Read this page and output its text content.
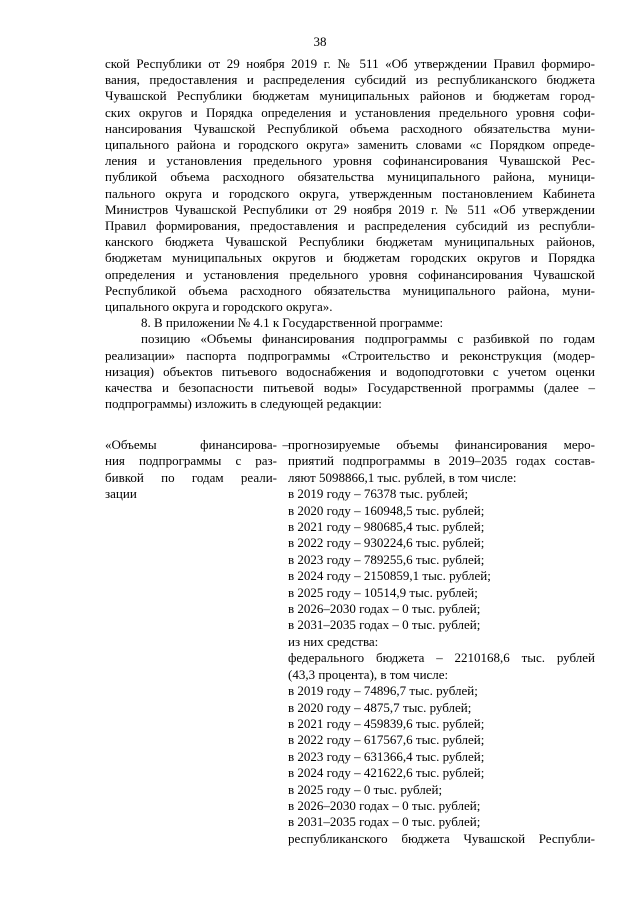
38
ской Республики от 29 ноября 2019 г. № 511 «Об утверждении Правил формиро-
вания, предоставления и распределения субсидий из республиканского бюджета
Чувашской Республики бюджетам муниципальных районов и бюджетам город-
ских округов и Порядка определения и установления предельного уровня софи-
нансирования Чувашской Республикой объема расходного обязательства муни-
ципального района и городского округа» заменить словами «с Порядком опреде-
ления и установления предельного уровня софинансирования Чувашской Рес-
публикой объема расходного обязательства муниципального района, муници-
пального округа и городского округа, утвержденным постановлением Кабинета
Министров Чувашской Республики от 29 ноября 2019 г. № 511 «Об утверждении
Правил формирования, предоставления и распределения субсидий из республи-
канского бюджета Чувашской Республики бюджетам муниципальных районов,
бюджетам муниципальных округов и бюджетам городских округов и Порядка
определения и установления предельного уровня софинансирования Чувашской
Республикой объема расходного обязательства муниципального района, муни-
ципального округа и городского округа».
8. В приложении № 4.1 к Государственной программе:
позицию «Объемы финансирования подпрограммы с разбивкой по годам
реализации» паспорта подпрограммы «Строительство и реконструкция (модер-
низация) объектов питьевого водоснабжения и водоподготовки с учетом оценки
качества и безопасности питьевой воды» Государственной программы (далее –
подпрограммы) изложить в следующей редакции:
«Объемы финансирова-
ния подпрограммы с раз-
бивкой по годам реали-
зации
– прогнозируемые объемы финансирования меро-
приятий подпрограммы в 2019–2035 годах состав-
ляют 5098866,1 тыс. рублей, в том числе:
в 2019 году – 76378 тыс. рублей;
в 2020 году – 160948,5 тыс. рублей;
в 2021 году – 980685,4 тыс. рублей;
в 2022 году – 930224,6 тыс. рублей;
в 2023 году – 789255,6 тыс. рублей;
в 2024 году – 2150859,1 тыс. рублей;
в 2025 году – 10514,9 тыс. рублей;
в 2026–2030 годах – 0 тыс. рублей;
в 2031–2035 годах – 0 тыс. рублей;
из них средства:
федерального бюджета – 2210168,6 тыс. рублей
(43,3 процента), в том числе:
в 2019 году – 74896,7 тыс. рублей;
в 2020 году – 4875,7 тыс. рублей;
в 2021 году – 459839,6 тыс. рублей;
в 2022 году – 617567,6 тыс. рублей;
в 2023 году – 631366,4 тыс. рублей;
в 2024 году – 421622,6 тыс. рублей;
в 2025 году – 0 тыс. рублей;
в 2026–2030 годах – 0 тыс. рублей;
в 2031–2035 годах – 0 тыс. рублей;
республиканского бюджета Чувашской Республи-
